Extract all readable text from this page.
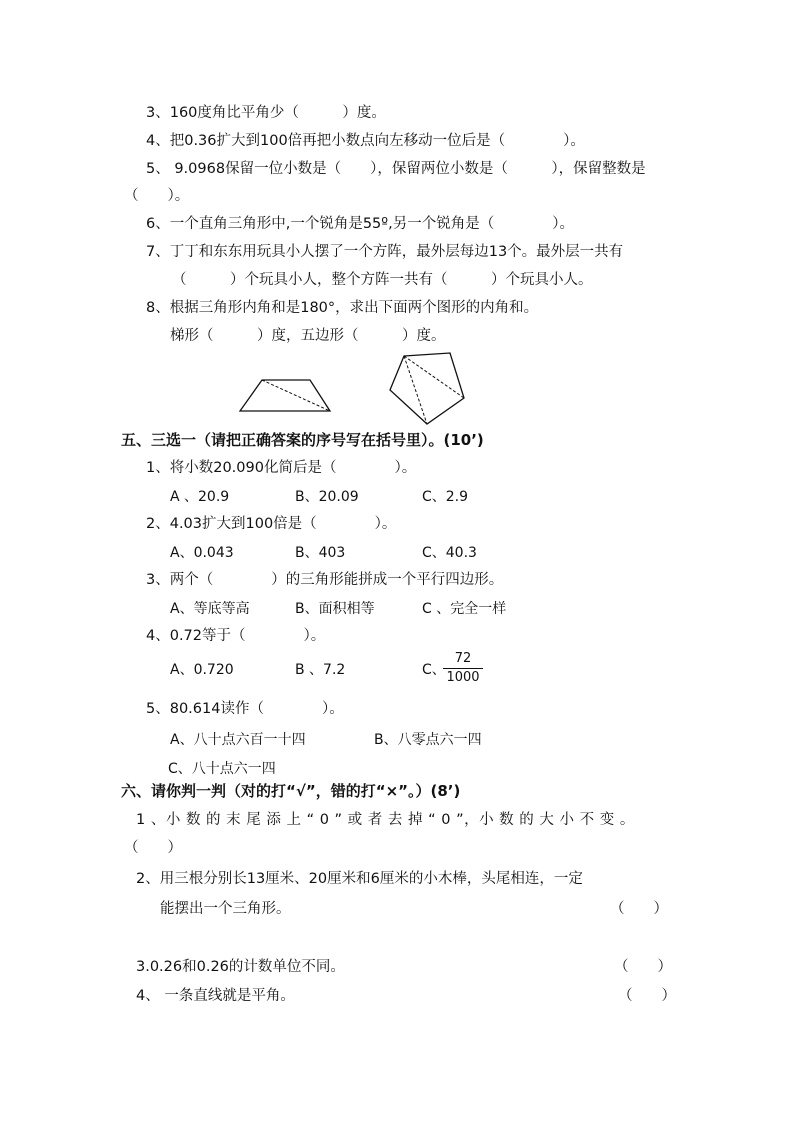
3、160度角比平角少（　　　）度。
4、把0.36扩大到100倍再把小数点向左移动一位后是（　　　　）。
5、 9.0968保留一位小数是（　　），保留两位小数是（　　　），保留整数是
（　　）。
6、一个直角三角形中,一个锐角是55º,另一个锐角是（　　　　）。
7、丁丁和东东用玩具小人摆了一个方阵，最外层每边13个。最外层一共有
（　　　）个玩具小人，整个方阵一共有（　　　）个玩具小人。
8、根据三角形内角和是180°，求出下面两个图形的内角和。
梯形（　　　）度，五边形（　　　）度。
五、三选一（请把正确答案的序号写在括号里）。(10’)
1、将小数20.090化简后是（　　　　）。
A 、20.9	B、20.09	C、2.9
2、4.03扩大到100倍是（　　　　）。
A、0.043	B、403	C、40.3
3、两个（　　　　）的三角形能拼成一个平行四边形。
A、等底等高	B、面积相等	C 、完全一样
4、0.72等于（　　　　）。
A、0.720	B 、7.2	C、
$\frac{72}{1000}$
5、80.614读作（　　　　）。
A、八十点六百一十四	B、八零点六一四
C、八十点六一四
六、请你判一判（对的打“√”，错的打“×”。）(8’)
1 、小 数 的 末 尾 添 上 “ 0 ” 或 者 去 掉 “ 0 ”，小 数 的 大 小 不 变 。
（　　）
2、用三根分别长13厘米、20厘米和6厘米的小木棒，头尾相连，一定
能摆出一个三角形。	（　　）
3.0.26和0.26的计数单位不同。	（　　）
4、 一条直线就是平角。	（　　）
